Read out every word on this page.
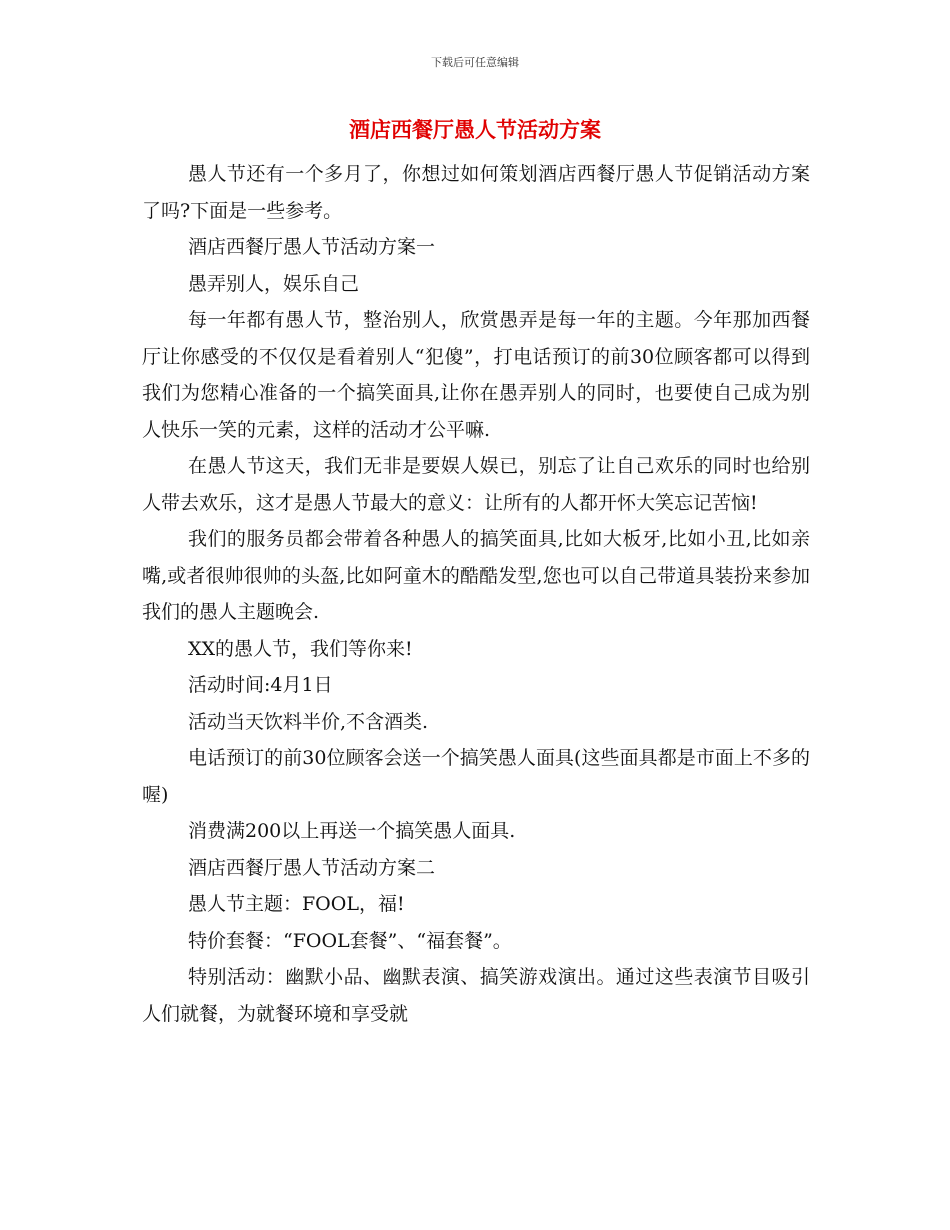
下载后可任意编辑
酒店西餐厅愚人节活动方案

愚人节还有一个多月了，你想过如何策划酒店西餐厅愚人节促销活动方案了吗?下面是一些参考。

酒店西餐厅愚人节活动方案一

愚弄别人，娱乐自己

每一年都有愚人节，整治别人，欣赏愚弄是每一年的主题。今年那加西餐厅让你感受的不仅仅是看着别人“犯傻”，打电话预订的前30位顾客都可以得到我们为您精心准备的一个搞笑面具,让你在愚弄别人的同时，也要使自己成为别人快乐一笑的元素，这样的活动才公平嘛.

在愚人节这天，我们无非是要娱人娱已，别忘了让自己欢乐的同时也给别人带去欢乐，这才是愚人节最大的意义：让所有的人都开怀大笑忘记苦恼!

我们的服务员都会带着各种愚人的搞笑面具,比如大板牙,比如小丑,比如亲嘴,或者很帅很帅的头盔,比如阿童木的酷酷发型,您也可以自己带道具装扮来参加我们的愚人主题晚会.

XX的愚人节，我们等你来!

活动时间:4月1日

活动当天饮料半价,不含酒类.

电话预订的前30位顾客会送一个搞笑愚人面具(这些面具都是市面上不多的喔)

消费满200以上再送一个搞笑愚人面具.

酒店西餐厅愚人节活动方案二

愚人节主题：FOOL，福!

特价套餐：“FOOL套餐”、“福套餐”。

特别活动：幽默小品、幽默表演、搞笑游戏演出。通过这些表演节目吸引人们就餐，为就餐环境和享受就
